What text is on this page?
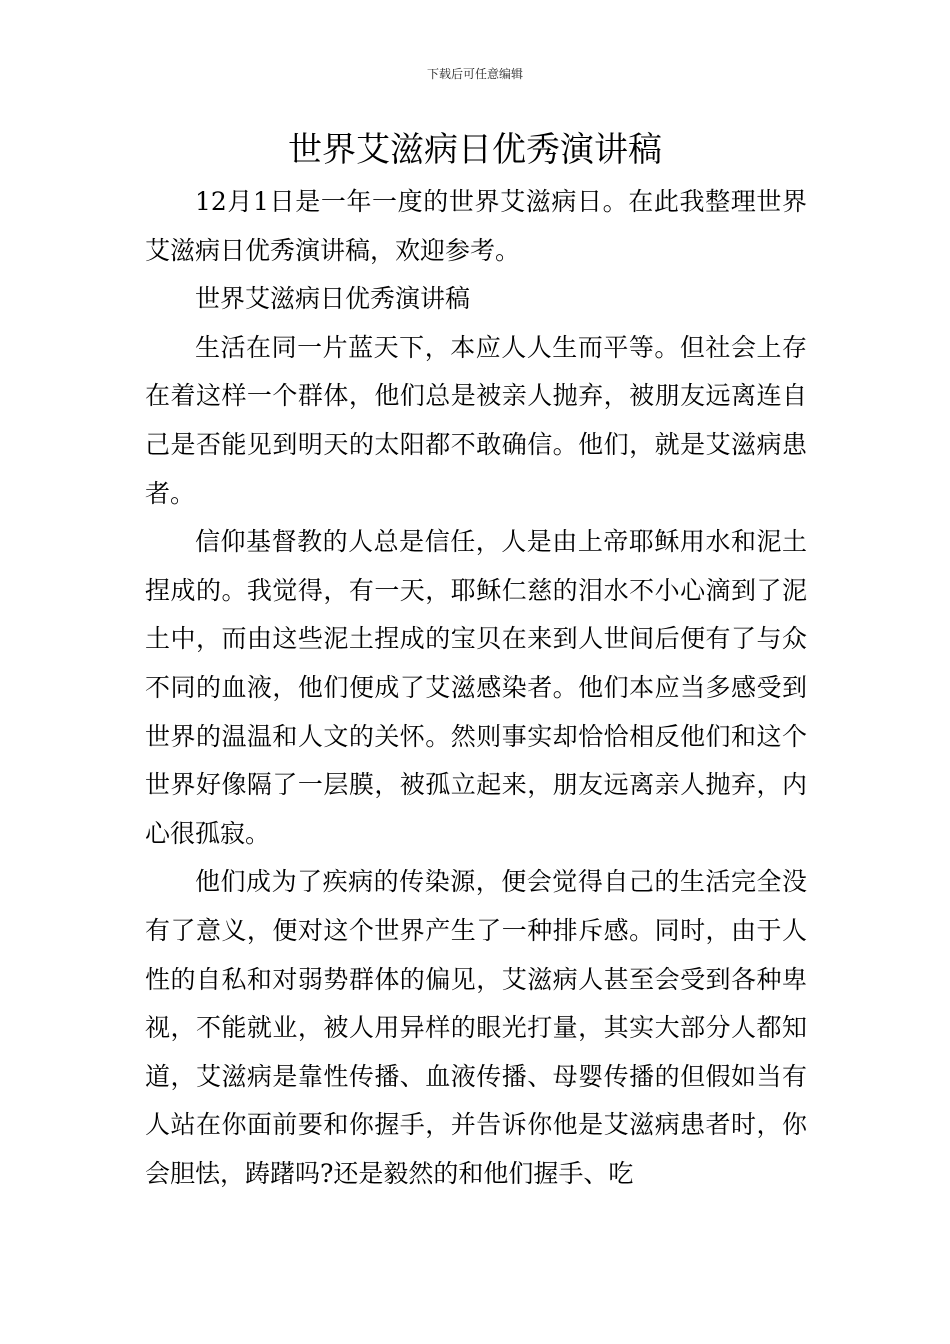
下载后可任意编辑
世界艾滋病日优秀演讲稿

12月1日是一年一度的世界艾滋病日。在此我整理世界艾滋病日优秀演讲稿，欢迎参考。

世界艾滋病日优秀演讲稿

生活在同一片蓝天下，本应人人生而平等。但社会上存在着这样一个群体，他们总是被亲人抛弃，被朋友远离连自己是否能见到明天的太阳都不敢确信。他们，就是艾滋病患者。

信仰基督教的人总是信任，人是由上帝耶稣用水和泥土捏成的。我觉得，有一天，耶稣仁慈的泪水不小心滴到了泥土中，而由这些泥土捏成的宝贝在来到人世间后便有了与众不同的血液，他们便成了艾滋感染者。他们本应当多感受到世界的温温和人文的关怀。然则事实却恰恰相反他们和这个世界好像隔了一层膜，被孤立起来，朋友远离亲人抛弃，内心很孤寂。

他们成为了疾病的传染源，便会觉得自己的生活完全没有了意义，便对这个世界产生了一种排斥感。同时，由于人性的自私和对弱势群体的偏见，艾滋病人甚至会受到各种卑视，不能就业，被人用异样的眼光打量，其实大部分人都知道，艾滋病是靠性传播、血液传播、母婴传播的但假如当有人站在你面前要和你握手，并告诉你他是艾滋病患者时，你会胆怯，踌躇吗?还是毅然的和他们握手、吃
